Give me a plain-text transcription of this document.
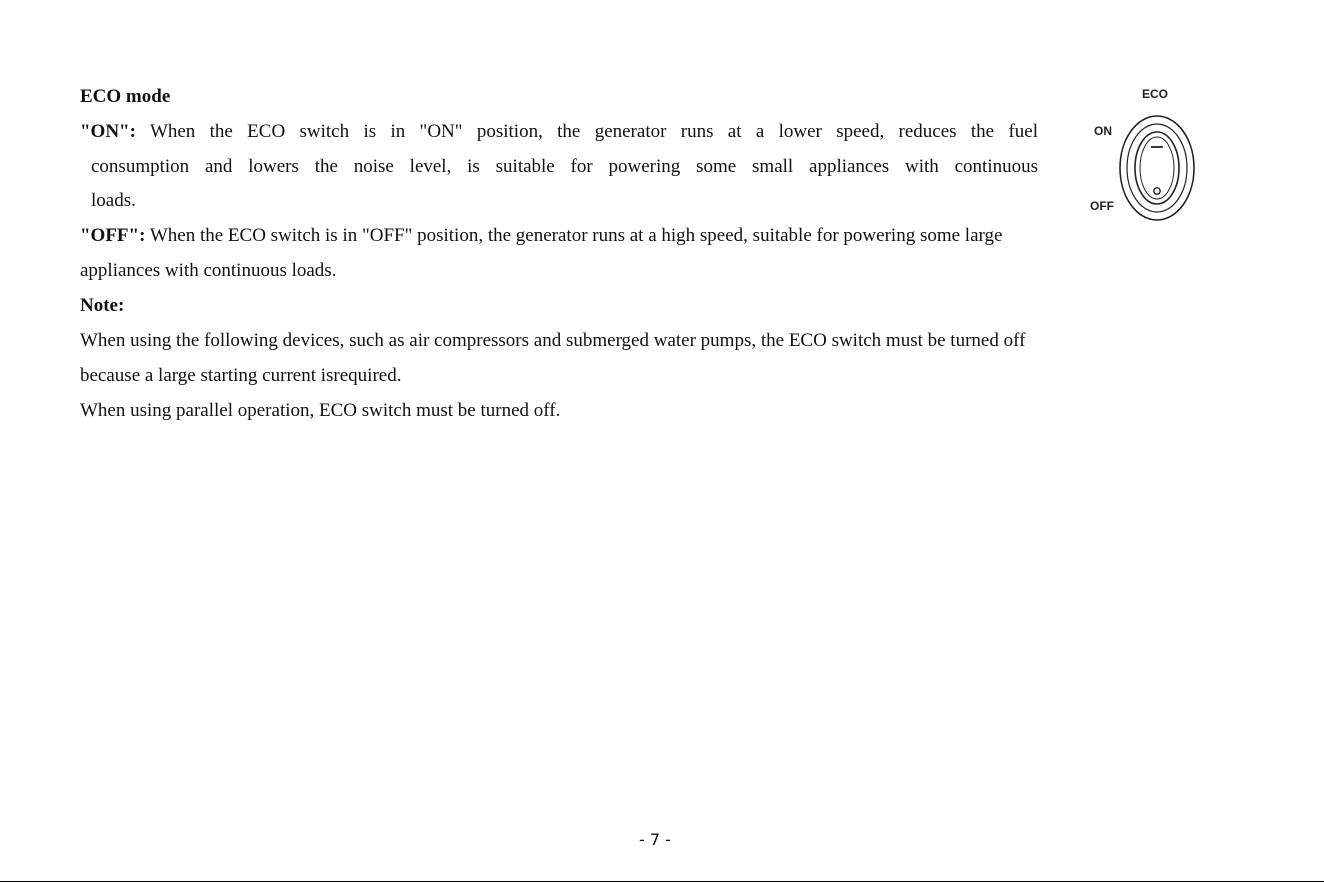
ECO mode
"ON": When the ECO switch is in "ON" position, the generator runs at a lower speed, reduces the fuel
consumption and lowers the noise level, is suitable for powering some small appliances with continuous
loads.
"OFF": When the ECO switch is in "OFF" position, the generator runs at a high speed, suitable for powering some large
appliances with continuous loads.
Note:
When using the following devices, such as air compressors and submerged water pumps, the ECO switch must be turned off
because a large starting current isrequired.
When using parallel operation, ECO switch must be turned off.
ECO
ON
OFF
- 7 -
